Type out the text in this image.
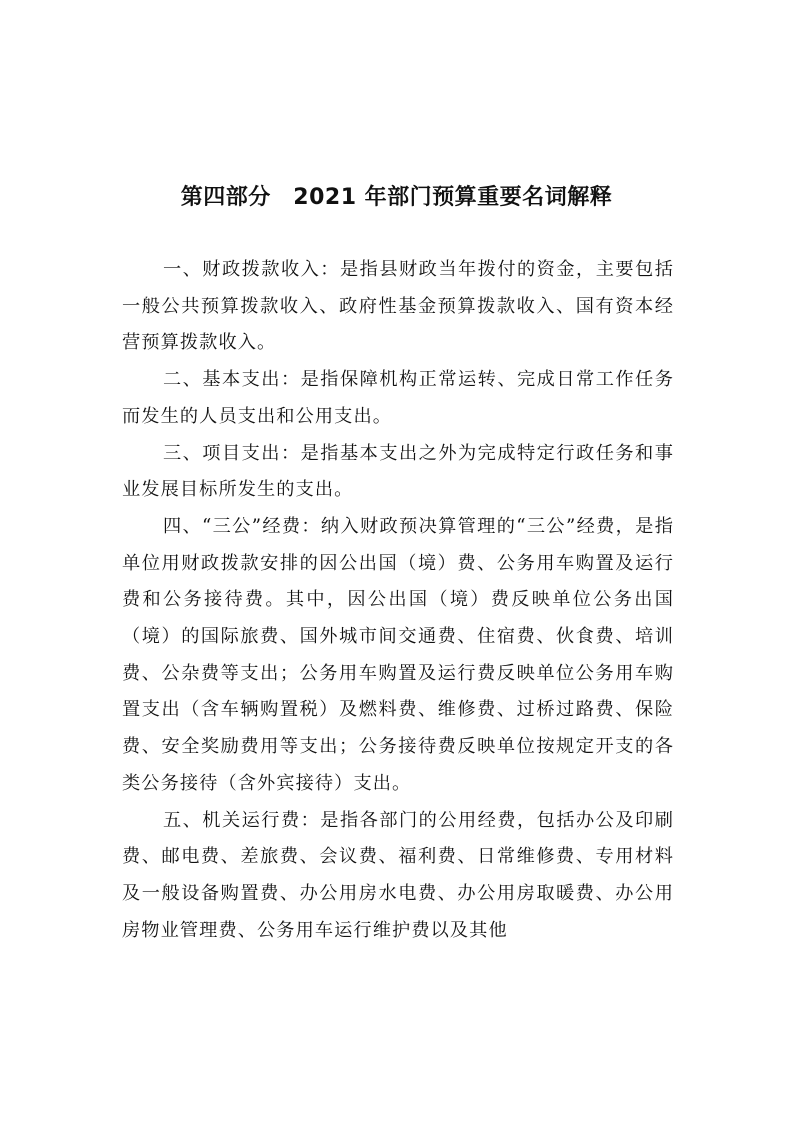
第四部分　2021 年部门预算重要名词解释

一、财政拨款收入：是指县财政当年拨付的资金，主要包括一般公共预算拨款收入、政府性基金预算拨款收入、国有资本经营预算拨款收入。

二、基本支出：是指保障机构正常运转、完成日常工作任务而发生的人员支出和公用支出。

三、项目支出：是指基本支出之外为完成特定行政任务和事业发展目标所发生的支出。

四、“三公”经费：纳入财政预决算管理的“三公”经费，是指单位用财政拨款安排的因公出国（境）费、公务用车购置及运行费和公务接待费。其中，因公出国（境）费反映单位公务出国（境）的国际旅费、国外城市间交通费、住宿费、伙食费、培训费、公杂费等支出；公务用车购置及运行费反映单位公务用车购置支出（含车辆购置税）及燃料费、维修费、过桥过路费、保险费、安全奖励费用等支出；公务接待费反映单位按规定开支的各类公务接待（含外宾接待）支出。

五、机关运行费：是指各部门的公用经费，包括办公及印刷费、邮电费、差旅费、会议费、福利费、日常维修费、专用材料及一般设备购置费、办公用房水电费、办公用房取暖费、办公用房物业管理费、公务用车运行维护费以及其他
